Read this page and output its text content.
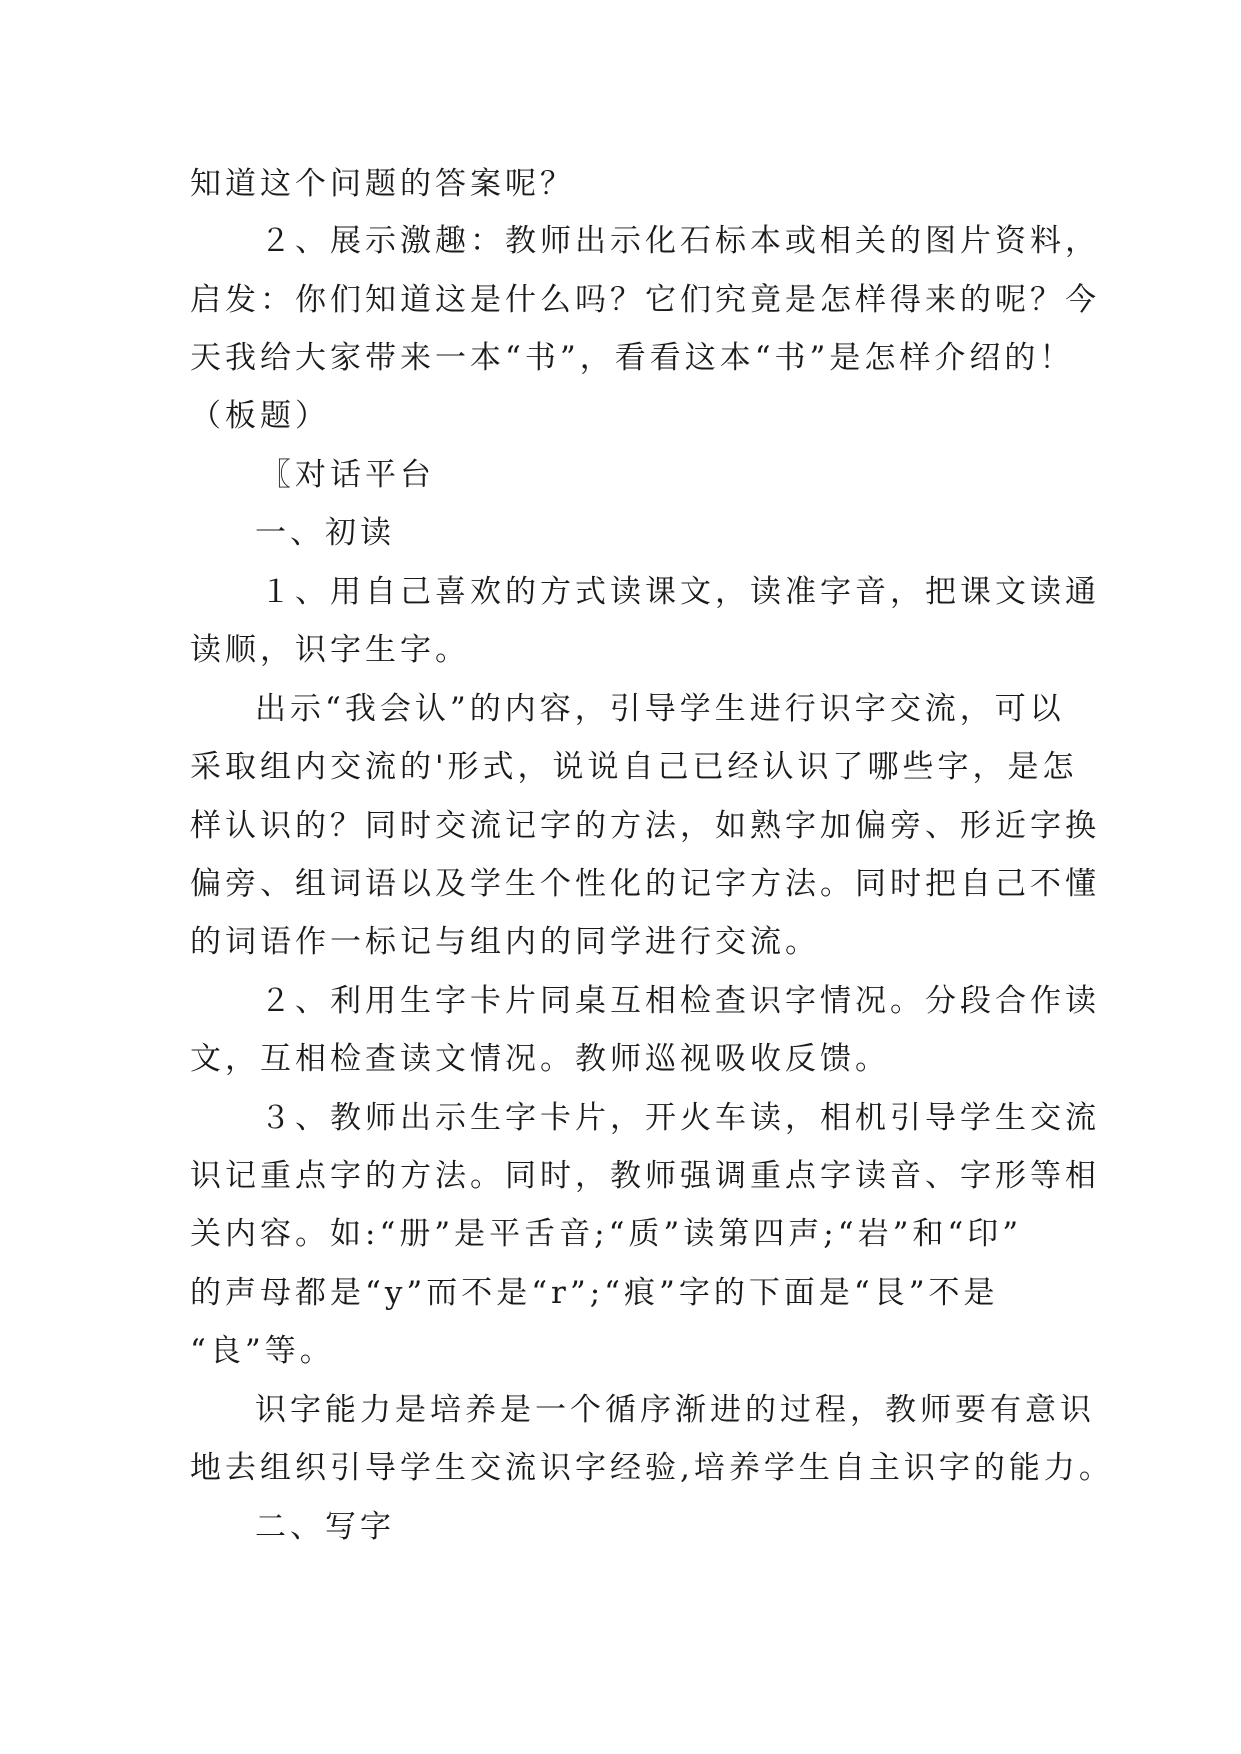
知道这个问题的答案呢？
２、展示激趣：教师出示化石标本或相关的图片资料，
启发：你们知道这是什么吗？它们究竟是怎样得来的呢？今
天我给大家带来一本“书”，看看这本“书”是怎样介绍的！
（板题）
〖对话平台
一、初读
１、用自己喜欢的方式读课文，读准字音，把课文读通
读顺，识字生字。
出示“我会认”的内容，引导学生进行识字交流，可以
采取组内交流的'形式，说说自己已经认识了哪些字，是怎
样认识的？同时交流记字的方法，如熟字加偏旁、形近字换
偏旁、组词语以及学生个性化的记字方法。同时把自己不懂
的词语作一标记与组内的同学进行交流。
２、利用生字卡片同桌互相检查识字情况。分段合作读
文，互相检查读文情况。教师巡视吸收反馈。
３、教师出示生字卡片，开火车读，相机引导学生交流
识记重点字的方法。同时，教师强调重点字读音、字形等相
关内容。如:“册”是平舌音;“质”读第四声;“岩”和“印”
的声母都是“y”而不是“r”;“痕”字的下面是“艮”不是
“良”等。
识字能力是培养是一个循序渐进的过程，教师要有意识
地去组织引导学生交流识字经验,培养学生自主识字的能力。
二、写字
